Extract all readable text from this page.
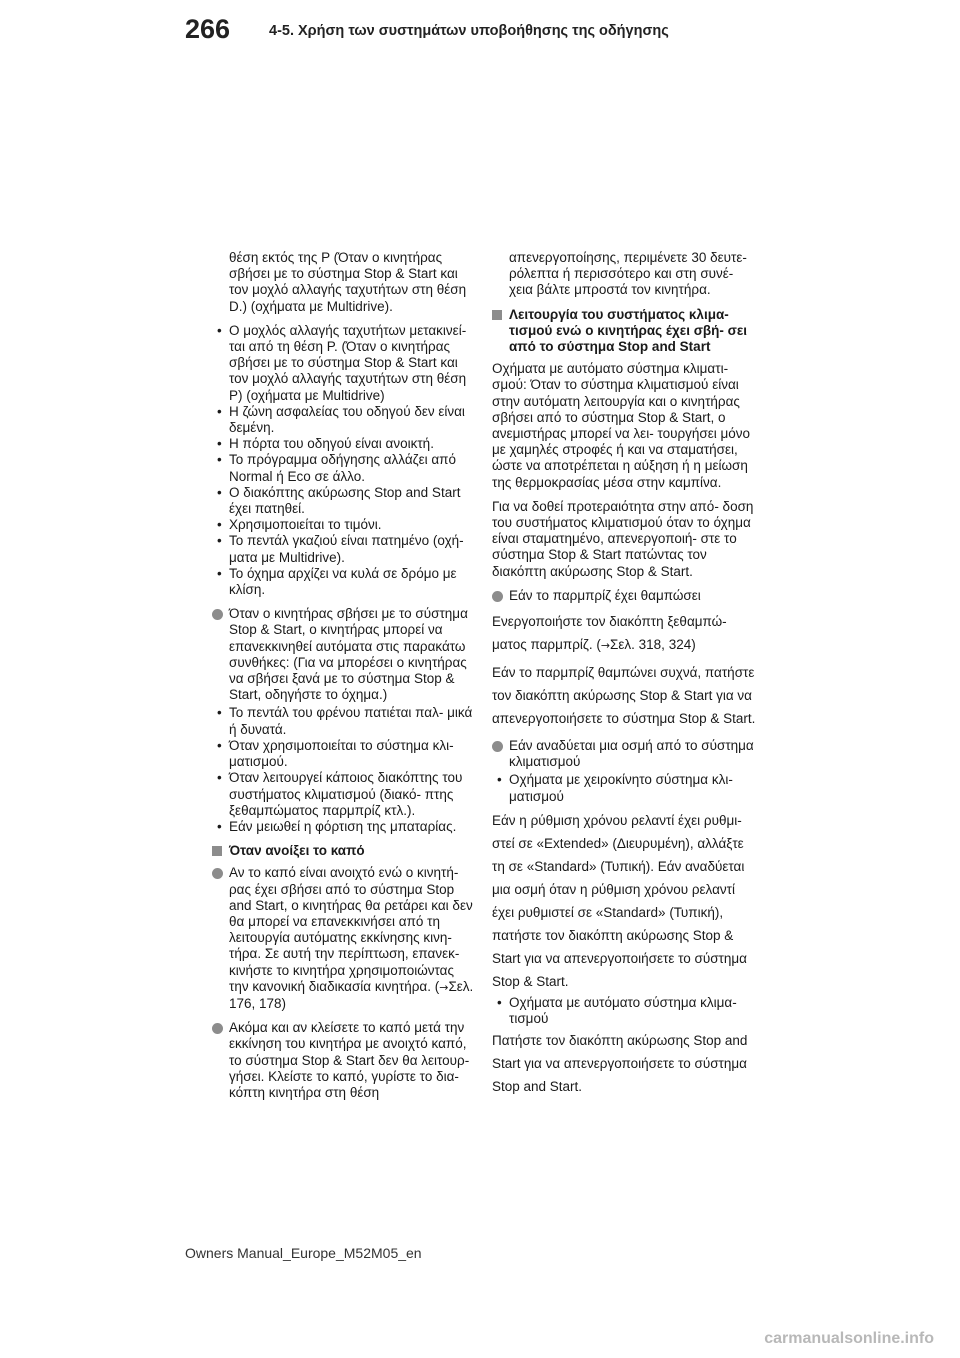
266	4-5. Χρήση των συστημάτων υποβοήθησης της οδήγησης

θέση εκτός της P (Όταν ο κινητήρας σβήσει με το σύστημα Stop & Start και τον μοχλό αλλαγής ταχυτήτων στη θέση D.) (οχήματα με Multidrive).

• Ο μοχλός αλλαγής ταχυτήτων μετακινεί- ται από τη θέση P. (Όταν ο κινητήρας σβήσει με το σύστημα Stop & Start και τον μοχλό αλλαγής ταχυτήτων στη θέση P) (οχήματα με Multidrive)
• Η ζώνη ασφαλείας του οδηγού δεν είναι δεμένη.
• Η πόρτα του οδηγού είναι ανοικτή.
• Το πρόγραμμα οδήγησης αλλάζει από Normal ή Eco σε άλλο.
• Ο διακόπτης ακύρωσης Stop and Start έχει πατηθεί.
• Χρησιμοποιείται το τιμόνι.
• Το πεντάλ γκαζιού είναι πατημένο (οχή- ματα με Multidrive).
• Το όχημα αρχίζει να κυλά σε δρόμο με κλίση.
Όταν ο κινητήρας σβήσει με το σύστημα Stop & Start, ο κινητήρας μπορεί να επανεκκινηθεί αυτόματα στις παρακάτω συνθήκες: (Για να μπορέσει ο κινητήρας να σβήσει ξανά με το σύστημα Stop & Start, οδηγήστε το όχημα.)
• Το πεντάλ του φρένου πατιέται παλ- μικά ή δυνατά.
• Όταν χρησιμοποιείται το σύστημα κλι- ματισμού.
• Όταν λειτουργεί κάποιος διακόπτης του συστήματος κλιματισμού (διακό- πτης ξεθαμπώματος παρμπρίζ κτλ.).
• Εάν μειωθεί η φόρτιση της μπαταρίας.
Όταν ανοίξει το καπό
Αν το καπό είναι ανοιχτό ενώ ο κινητή- ρας έχει σβήσει από το σύστημα Stop and Start, ο κινητήρας θα ρετάρει και δεν θα μπορεί να επανεκκινήσει από τη λειτουργία αυτόματης εκκίνησης κινη- τήρα. Σε αυτή την περίπτωση, επανεκ- κινήστε το κινητήρα χρησιμοποιώντας την κανονική διαδικασία κινητήρα. (→Σελ. 176, 178)
Ακόμα και αν κλείσετε το καπό μετά την εκκίνηση του κινητήρα με ανοιχτό καπό, το σύστημα Stop & Start δεν θα λειτουρ- γήσει. Κλείστε το καπό, γυρίστε το δια- κόπτη κινητήρα στη θέση

απενεργοποίησης, περιμένετε 30 δευτε- ρόλεπτα ή περισσότερο και στη συνέ- χεια βάλτε μπροστά τον κινητήρα.

Λειτουργία του συστήματος κλιμα- τισμού ενώ ο κινητήρας έχει σβή- σει από το σύστημα Stop and Start

Οχήματα με αυτόματο σύστημα κλιματι- σμού: Όταν το σύστημα κλιματισμού είναι στην αυτόματη λειτουργία και ο κινητήρας σβήσει από το σύστημα Stop & Start, ο ανεμιστήρας μπορεί να λει- τουργήσει μόνο με χαμηλές στροφές ή και να σταματήσει, ώστε να αποτρέπεται η αύξηση ή η μείωση της θερμοκρασίας μέσα στην καμπίνα.

Για να δοθεί προτεραιότητα στην από- δοση του συστήματος κλιματισμού όταν το όχημα είναι σταματημένο, απενεργοποιή- στε το σύστημα Stop & Start πατώντας τον διακόπτη ακύρωσης Stop & Start.

Εάν το παρμπρίζ έχει θαμπώσει

Ενεργοποιήστε τον διακόπτη ξεθαμπώ- ματος παρμπρίζ. (→Σελ. 318, 324)

Εάν το παρμπρίζ θαμπώνει συχνά, πατήστε τον διακόπτη ακύρωσης Stop & Start για να απενεργοποιήσετε το σύστημα Stop & Start.

Εάν αναδύεται μια οσμή από το σύστημα κλιματισμού
• Οχήματα με χειροκίνητο σύστημα κλι- ματισμού

Εάν η ρύθμιση χρόνου ρελαντί έχει ρυθμι- στεί σε «Extended» (Διευρυμένη), αλλάξτε τη σε «Standard» (Τυπική). Εάν αναδύεται μια οσμή όταν η ρύθμιση χρόνου ρελαντί έχει ρυθμιστεί σε «Standard» (Τυπική), πατήστε τον διακόπτη ακύρωσης Stop & Start για να απενεργοποιήσετε το σύστημα Stop & Start.

• Οχήματα με αυτόματο σύστημα κλιμα- τισμού

Πατήστε τον διακόπτη ακύρωσης Stop and Start για να απενεργοποιήσετε το σύστημα Stop and Start.

Owners Manual_Europe_M52M05_en
carmanualsonline.info
